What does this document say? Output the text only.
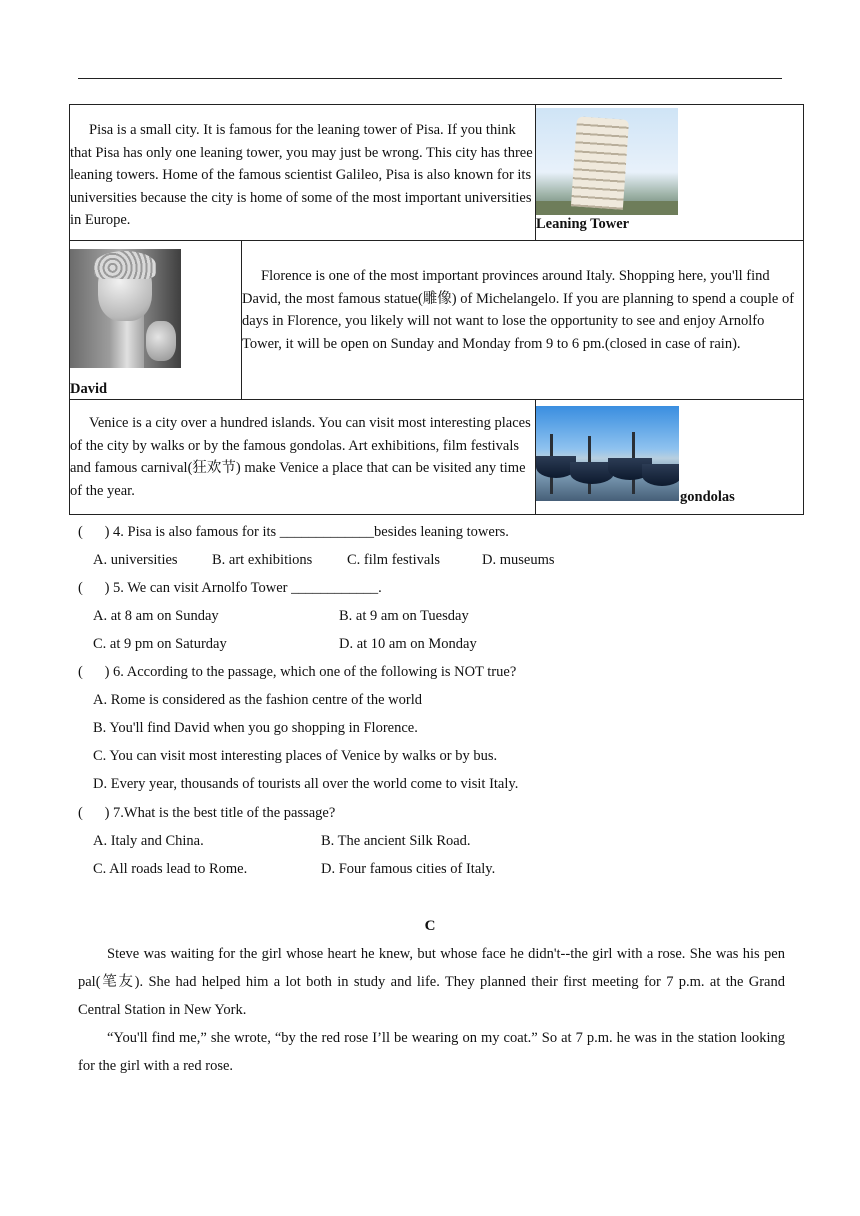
Pisa is a small city. It is famous for the leaning tower of Pisa. If you think that Pisa has only one leaning tower, you may just be wrong. This city has three leaning towers. Home of the famous scientist Galileo, Pisa is also known for its universities because the city is home of some of the most important universities in Europe.		Leaning Tower

David	Florence is one of the most important provinces around Italy. Shopping here, you'll find David, the most famous statue(雕像) of Michelangelo. If you are planning to spend a couple of days in Florence, you likely will not want to lose the opportunity to see and enjoy Arnolfo Tower, it will be open on Sunday and Monday from 9 to 6 pm.(closed in case of rain).	

Venice is a city over a hundred islands. You can visit most interesting places of the city by walks or by the famous gondolas. Art exhibitions, film festivals and famous carnival(狂欢节) make Venice a place that can be visited any time of the year.		gondolas
(      ) 4. Pisa is also famous for its _____________besides leaning towers.
A. universities B. art exhibitions C. film festivals	D. museums
(      ) 5. We can visit Arnolfo Tower ____________.
A. at 8 am on Sunday	B. at 9 am on Tuesday
C. at 9 pm on Saturday	D. at 10 am on Monday
(      ) 6. According to the passage, which one of the following is NOT true?
A. Rome is considered as the fashion centre of the world
B. You'll find David when you go shopping in Florence.
C. You can visit most interesting places of Venice by walks or by bus.
D. Every year, thousands of tourists all over the world come to visit Italy.
(      ) 7.What is the best title of the passage?
A. Italy and China.	B. The ancient Silk Road.
C. All roads lead to Rome.	D. Four famous cities of Italy.
C
Steve was waiting for the girl whose heart he knew, but whose face he didn't--the girl with a rose. She was his pen pal(笔友). She had helped him a lot both in study and life. They planned their first meeting for 7 p.m. at the Grand Central Station in New York.
“You'll find me,” she wrote, “by the red rose I’ll be wearing on my coat.” So at 7 p.m. he was in the station looking for the girl with a red rose.
